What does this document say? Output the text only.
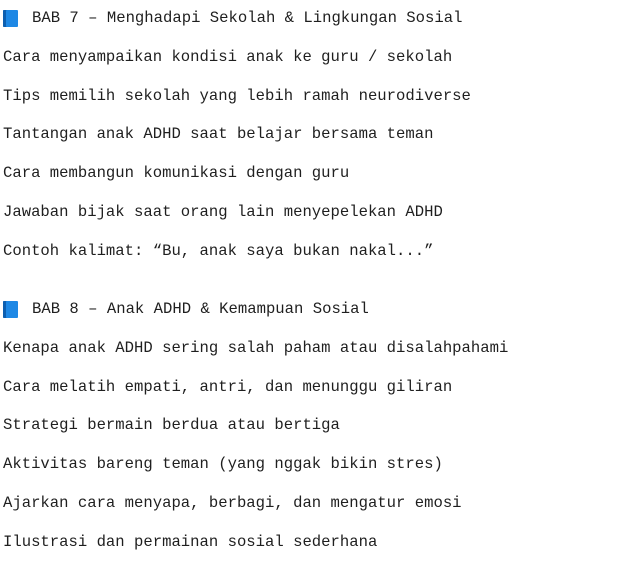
BAB 7 – Menghadapi Sekolah & Lingkungan Sosial
Cara menyampaikan kondisi anak ke guru / sekolah
Tips memilih sekolah yang lebih ramah neurodiverse
Tantangan anak ADHD saat belajar bersama teman
Cara membangun komunikasi dengan guru
Jawaban bijak saat orang lain menyepelekan ADHD
Contoh kalimat: “Bu, anak saya bukan nakal...”
BAB 8 – Anak ADHD & Kemampuan Sosial
Kenapa anak ADHD sering salah paham atau disalahpahami
Cara melatih empati, antri, dan menunggu giliran
Strategi bermain berdua atau bertiga
Aktivitas bareng teman (yang nggak bikin stres)
Ajarkan cara menyapa, berbagi, dan mengatur emosi
Ilustrasi dan permainan sosial sederhana
